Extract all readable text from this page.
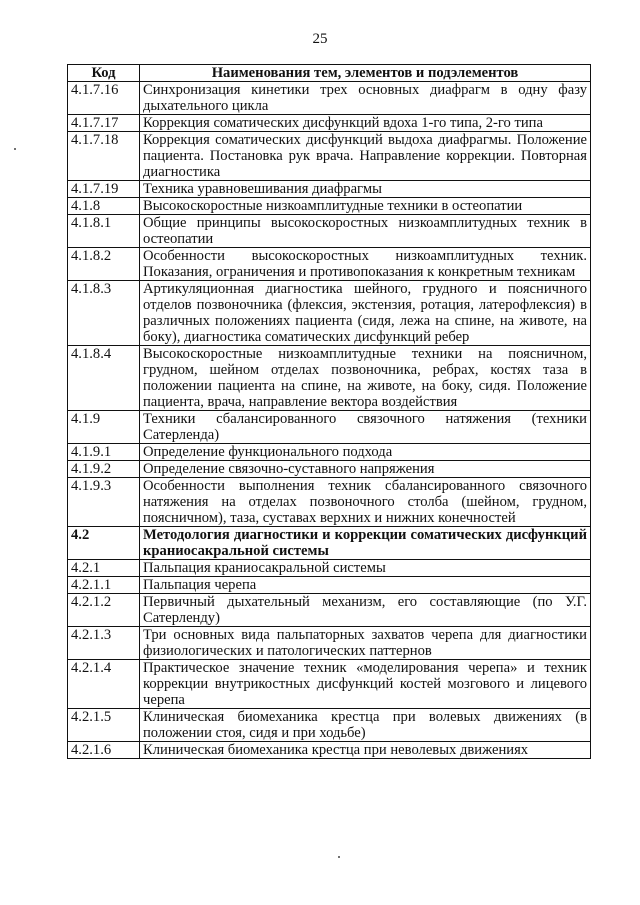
25
Код	Наименования тем, элементов и подэлементов
4.1.7.16	Синхронизация кинетики трех основных диафрагм в одну фазу дыхательного цикла
4.1.7.17	Коррекция соматических дисфункций вдоха 1-го типа, 2-го типа
4.1.7.18	Коррекция соматических дисфункций выдоха диафрагмы. Положение пациента. Постановка рук врача. Направление коррекции. Повторная диагностика
4.1.7.19	Техника уравновешивания диафрагмы
4.1.8	Высокоскоростные низкоамплитудные техники в остеопатии
4.1.8.1	Общие принципы высокоскоростных низкоамплитудных техник в остеопатии
4.1.8.2	Особенности высокоскоростных низкоамплитудных техник. Показания, ограничения и противопоказания к конкретным техникам
4.1.8.3	Артикуляционная диагностика шейного, грудного и поясничного отделов позвоночника (флексия, экстензия, ротация, латерофлексия) в различных положениях пациента (сидя, лежа на спине, на животе, на боку), диагностика соматических дисфункций ребер
4.1.8.4	Высокоскоростные низкоамплитудные техники на поясничном, грудном, шейном отделах позвоночника, ребрах, костях таза в положении пациента на спине, на животе, на боку, сидя. Положение пациента, врача, направление вектора воздействия
4.1.9	Техники сбалансированного связочного натяжения (техники Сатерленда)
4.1.9.1	Определение функционального подхода
4.1.9.2	Определение связочно-суставного напряжения
4.1.9.3	Особенности выполнения техник сбалансированного связочного натяжения на отделах позвоночного столба (шейном, грудном, поясничном), таза, суставах верхних и нижних конечностей
4.2	Методология диагностики и коррекции соматических дисфункций краниосакральной системы
4.2.1	Пальпация краниосакральной системы
4.2.1.1	Пальпация черепа
4.2.1.2	Первичный дыхательный механизм, его составляющие (по У.Г. Сатерленду)
4.2.1.3	Три основных вида пальпаторных захватов черепа для диагностики физиологических и патологических паттернов
4.2.1.4	Практическое значение техник «моделирования черепа» и техник коррекции внутрикостных дисфункций костей мозгового и лицевого черепа
4.2.1.5	Клиническая биомеханика крестца при волевых движениях (в положении стоя, сидя и при ходьбе)
4.2.1.6	Клиническая биомеханика крестца при неволевых движениях
